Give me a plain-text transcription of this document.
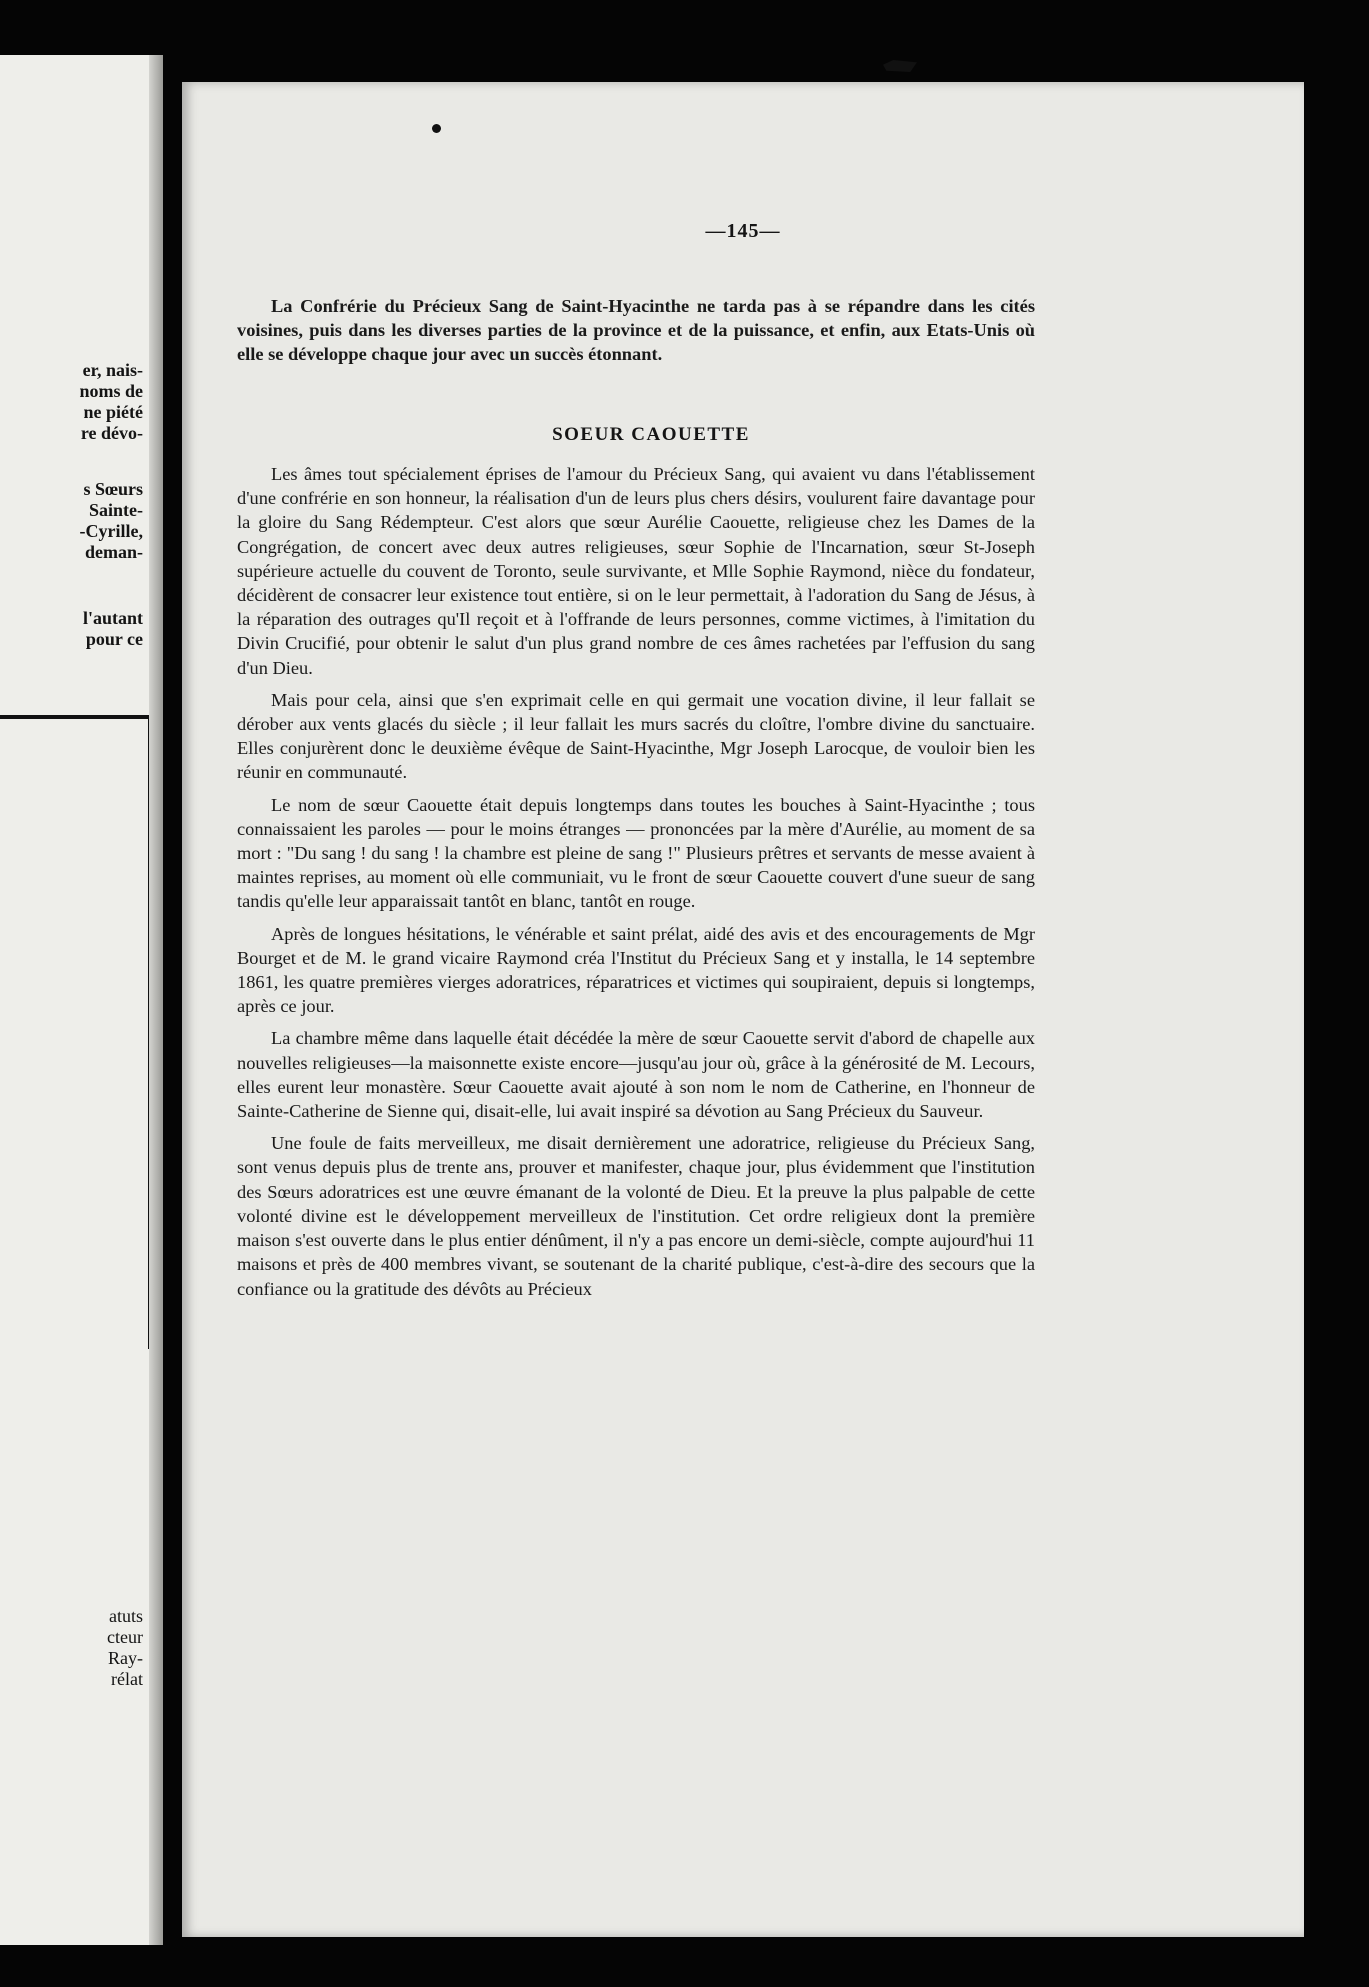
er, nais-
noms de
ne piété
re dévo-
s Sœurs
Sainte-
-Cyrille,
deman-
l'autant
pour ce
atuts
cteur
Ray-
rélat
—145—

La Confrérie du Précieux Sang de Saint-Hyacinthe ne tarda pas à se répandre dans les cités voisines, puis dans les diverses parties de la province et de la puissance, et enfin, aux Etats-Unis où elle se développe chaque jour avec un succès étonnant.

SOEUR CAOUETTE

Les âmes tout spécialement éprises de l'amour du Précieux Sang, qui avaient vu dans l'établissement d'une confrérie en son honneur, la réalisation d'un de leurs plus chers désirs, voulurent faire davantage pour la gloire du Sang Rédempteur. C'est alors que sœur Aurélie Caouette, religieuse chez les Dames de la Congrégation, de concert avec deux autres religieuses, sœur Sophie de l'Incarnation, sœur St-Joseph supérieure actuelle du couvent de Toronto, seule survivante, et Mlle Sophie Raymond, nièce du fondateur, décidèrent de consacrer leur existence tout entière, si on le leur permettait, à l'adoration du Sang de Jésus, à la réparation des outrages qu'Il reçoit et à l'offrande de leurs personnes, comme victimes, à l'imitation du Divin Crucifié, pour obtenir le salut d'un plus grand nombre de ces âmes rachetées par l'effusion du sang d'un Dieu.

Mais pour cela, ainsi que s'en exprimait celle en qui germait une vocation divine, il leur fallait se dérober aux vents glacés du siècle ; il leur fallait les murs sacrés du cloître, l'ombre divine du sanctuaire. Elles conjurèrent donc le deuxième évêque de Saint-Hyacinthe, Mgr Joseph Larocque, de vouloir bien les réunir en communauté.

Le nom de sœur Caouette était depuis longtemps dans toutes les bouches à Saint-Hyacinthe ; tous connaissaient les paroles — pour le moins étranges — prononcées par la mère d'Aurélie, au moment de sa mort : "Du sang ! du sang ! la chambre est pleine de sang !" Plusieurs prêtres et servants de messe avaient à maintes reprises, au moment où elle communiait, vu le front de sœur Caouette couvert d'une sueur de sang tandis qu'elle leur apparaissait tantôt en blanc, tantôt en rouge.

Après de longues hésitations, le vénérable et saint prélat, aidé des avis et des encouragements de Mgr Bourget et de M. le grand vicaire Raymond créa l'Institut du Précieux Sang et y installa, le 14 septembre 1861, les quatre premières vierges adoratrices, réparatrices et victimes qui soupiraient, depuis si longtemps, après ce jour.

La chambre même dans laquelle était décédée la mère de sœur Caouette servit d'abord de chapelle aux nouvelles religieuses—la maisonnette existe encore—jusqu'au jour où, grâce à la générosité de M. Lecours, elles eurent leur monastère. Sœur Caouette avait ajouté à son nom le nom de Catherine, en l'honneur de Sainte-Catherine de Sienne qui, disait-elle, lui avait inspiré sa dévotion au Sang Précieux du Sauveur.

Une foule de faits merveilleux, me disait dernièrement une adoratrice, religieuse du Précieux Sang, sont venus depuis plus de trente ans, prouver et manifester, chaque jour, plus évidemment que l'institution des Sœurs adoratrices est une œuvre émanant de la volonté de Dieu. Et la preuve la plus palpable de cette volonté divine est le développement merveilleux de l'institution. Cet ordre religieux dont la première maison s'est ouverte dans le plus entier dénûment, il n'y a pas encore un demi-siècle, compte aujourd'hui 11 maisons et près de 400 membres vivant, se soutenant de la charité publique, c'est-à-dire des secours que la confiance ou la gratitude des dévôts au Précieux
